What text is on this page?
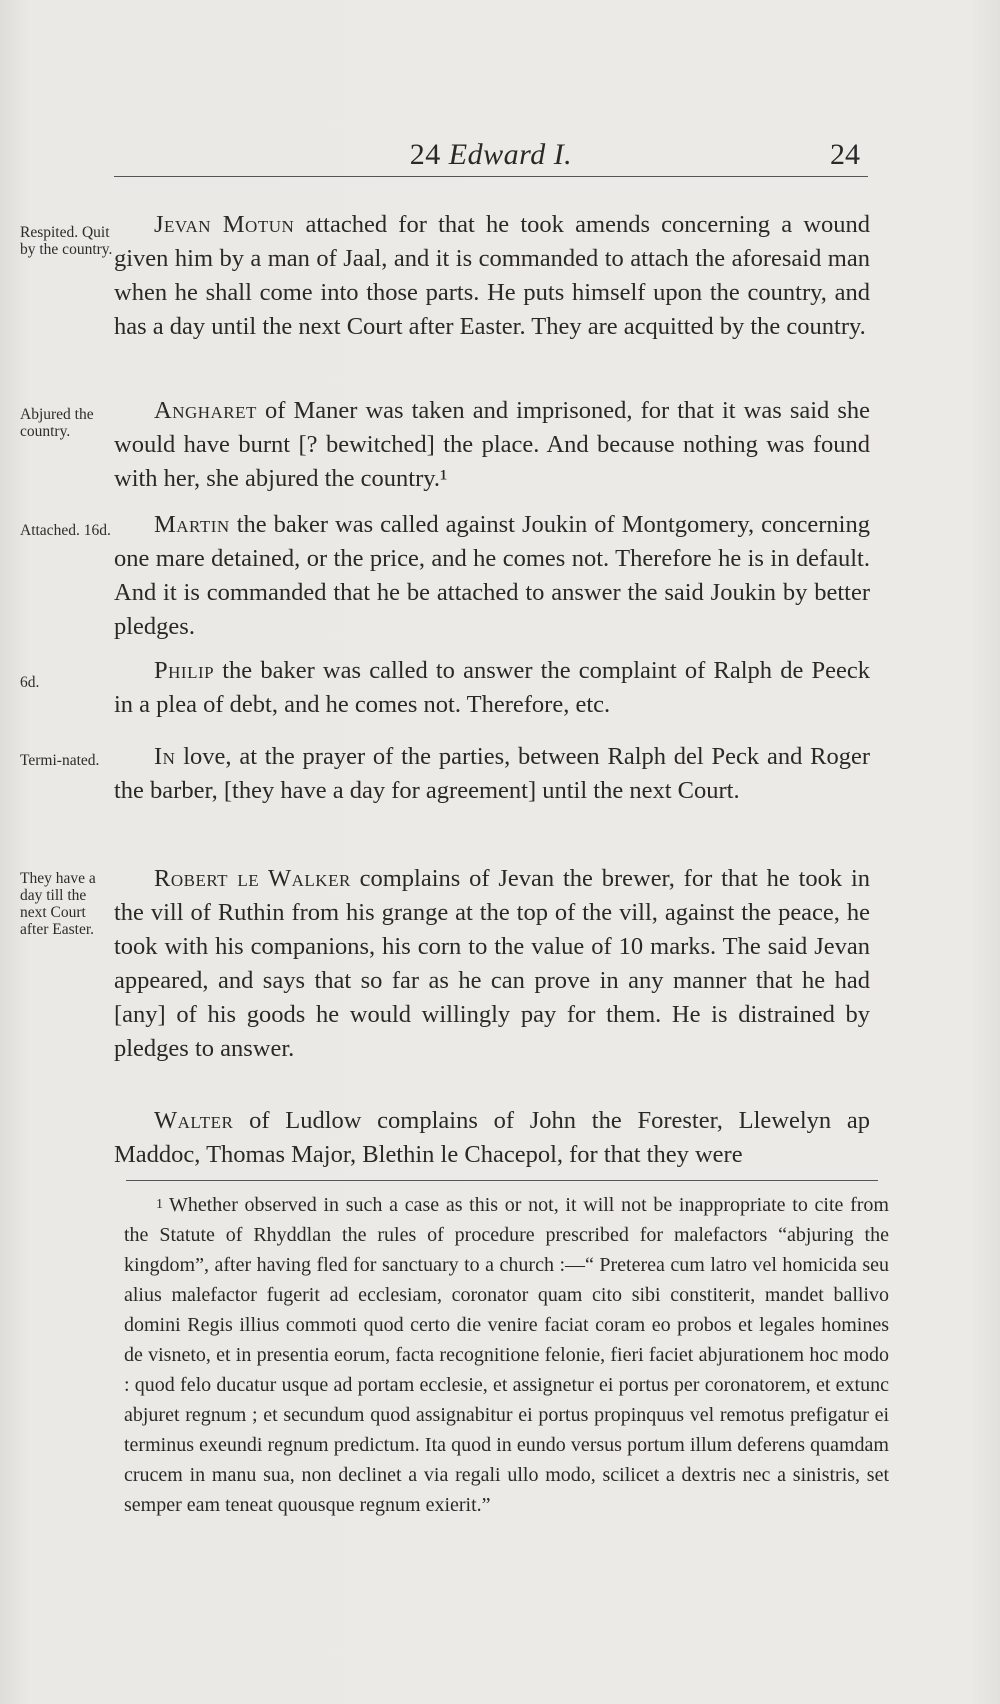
24 Edward I.	24
Respited. Quit by the country.
Jevan Motun attached for that he took amends concerning a wound given him by a man of Jaal, and it is commanded to attach the aforesaid man when he shall come into those parts. He puts himself upon the country, and has a day until the next Court after Easter. They are acquitted by the country.
Abjured the country.
Angharet of Maner was taken and imprisoned, for that it was said she would have burnt [? bewitched] the place. And because nothing was found with her, she abjured the country.¹
Attached. 16d.	Martin the baker was called against Joukin of Montgomery, concerning one mare detained, or the price, and he comes not. Therefore he is in default. And it is commanded that he be attached to answer the said Joukin by better pledges.
6d.	Philip the baker was called to answer the complaint of Ralph de Peeck in a plea of debt, and he comes not. Therefore, etc.
Termi-nated.	In love, at the prayer of the parties, between Ralph del Peck and Roger the barber, [they have a day for agreement] until the next Court.
They have a day till the next Court after Easter.
Robert le Walker complains of Jevan the brewer, for that he took in the vill of Ruthin from his grange at the top of the vill, against the peace, he took with his companions, his corn to the value of 10 marks. The said Jevan appeared, and says that so far as he can prove in any manner that he had [any] of his goods he would willingly pay for them. He is distrained by pledges to answer.
Walter of Ludlow complains of John the Forester, Llewelyn ap Maddoc, Thomas Major, Blethin le Chacepol, for that they were
$^1$ Whether observed in such a case as this or not, it will not be inappropriate to cite from the Statute of Rhyddlan the rules of procedure prescribed for malefactors “abjuring the kingdom”, after having fled for sanctuary to a church :—“ Preterea cum latro vel homicida seu alius malefactor fugerit ad ecclesiam, coronator quam cito sibi constiterit, mandet ballivo domini Regis illius commoti quod certo die venire faciat coram eo probos et legales homines de visneto, et in presentia eorum, facta recognitione felonie, fieri faciet abjurationem hoc modo : quod felo ducatur usque ad portam ecclesie, et assignetur ei portus per coronatorem, et extunc abjuret regnum ; et secundum quod assignabitur ei portus propinquus vel remotus prefigatur ei terminus exeundi regnum predictum. Ita quod in eundo versus portum illum deferens quamdam crucem in manu sua, non declinet a via regali ullo modo, scilicet a dextris nec a sinistris, set semper eam teneat quousque regnum exierit.”
